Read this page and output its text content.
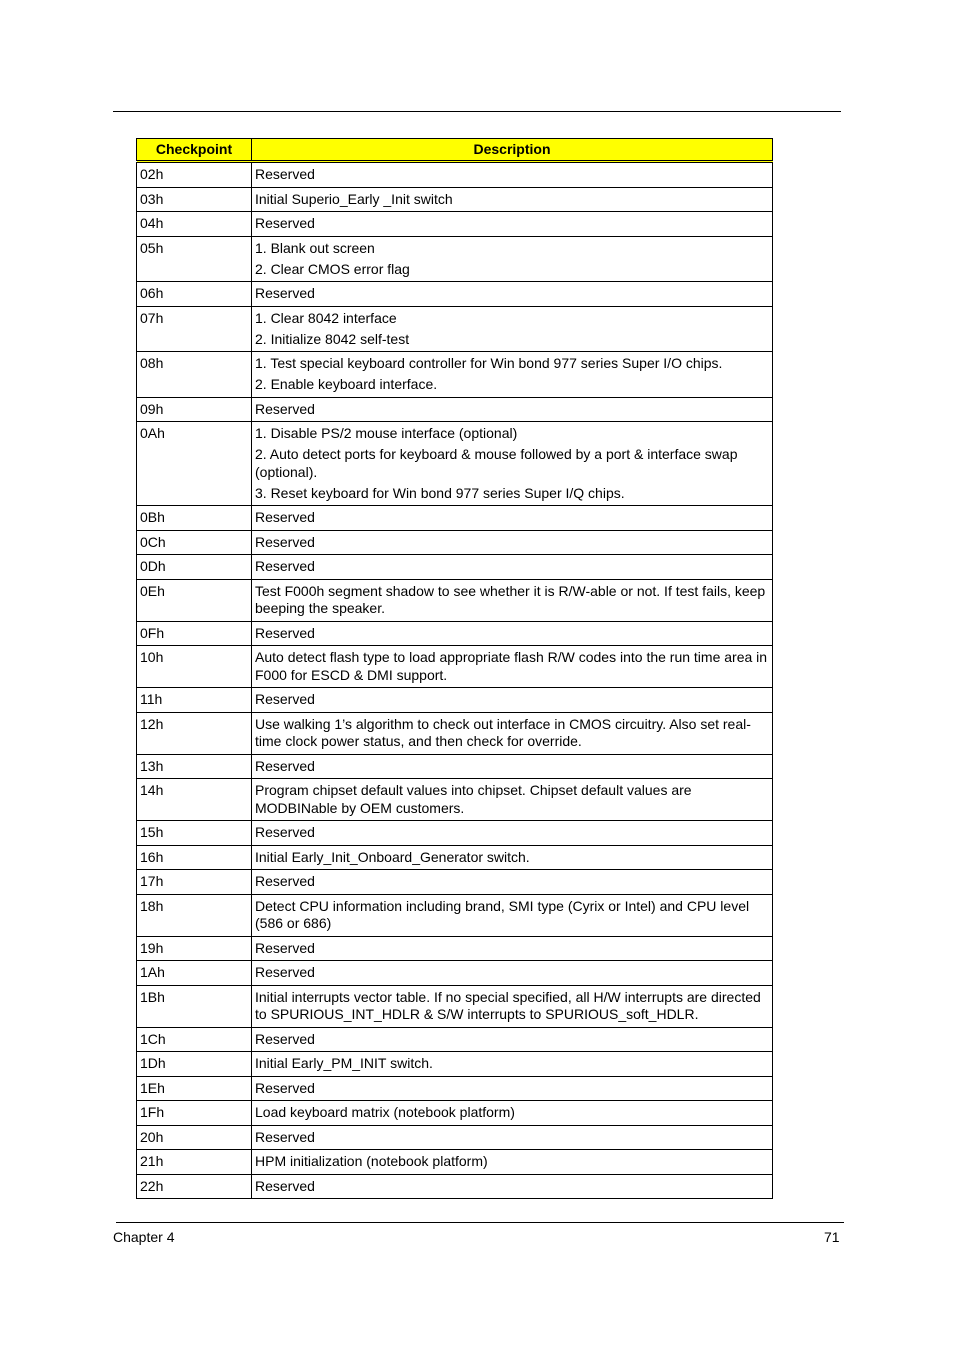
Checkpoint	Description
02h	Reserved

03h	Initial Superio_Early _Init switch

04h	Reserved

05h	1. Blank out screen

2. Clear CMOS error flag

06h	Reserved

07h	1. Clear 8042 interface

2. Initialize 8042 self-test

08h	1. Test special keyboard controller for Win bond 977 series Super I/O chips.

2. Enable keyboard interface.

09h	Reserved

0Ah	1. Disable PS/2 mouse interface (optional)

2. Auto detect ports for keyboard & mouse followed by a port & interface swap (optional).

3. Reset keyboard for Win bond 977 series Super I/Q chips.

0Bh	Reserved

0Ch	Reserved

0Dh	Reserved

0Eh	Test F000h segment shadow to see whether it is R/W-able or not. If test fails, keep beeping the speaker.

0Fh	Reserved

10h	Auto detect flash type to load appropriate flash R/W codes into the run time area in F000 for ESCD & DMI support.

11h	Reserved

12h	Use walking 1’s algorithm to check out interface in CMOS circuitry. Also set real-time clock power status, and then check for override.

13h	Reserved

14h	Program chipset default values into chipset. Chipset default values are MODBINable by OEM customers.

15h	Reserved

16h	Initial Early_Init_Onboard_Generator switch.

17h	Reserved

18h	Detect CPU information including brand, SMI type (Cyrix or Intel) and CPU level (586 or 686)

19h	Reserved

1Ah	Reserved

1Bh	Initial interrupts vector table. If no special specified, all H/W interrupts are directed to SPURIOUS_INT_HDLR & S/W interrupts to SPURIOUS_soft_HDLR.

1Ch	Reserved

1Dh	Initial Early_PM_INIT switch.

1Eh	Reserved

1Fh	Load keyboard matrix (notebook platform)

20h	Reserved

21h	HPM initialization (notebook platform)

22h	Reserved

Chapter 4	71
